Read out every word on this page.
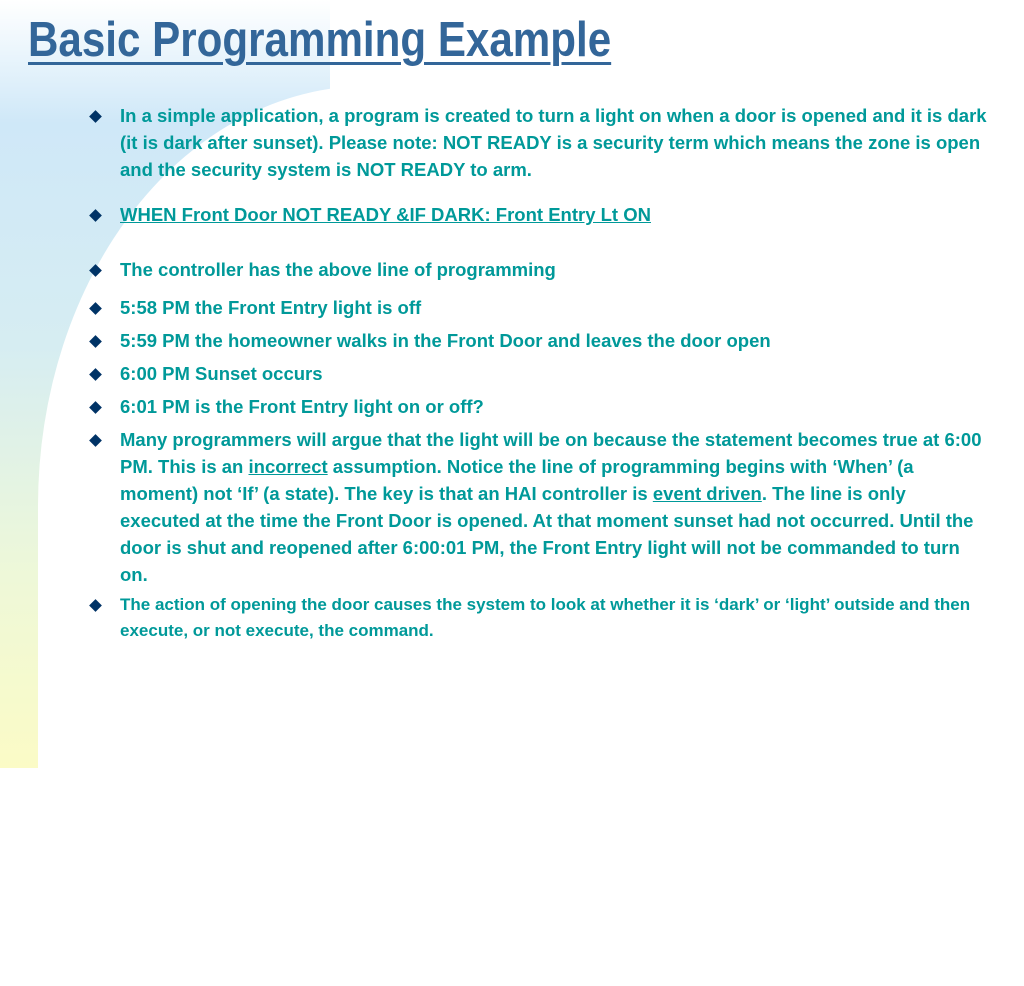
Basic Programming Example
In a simple application, a program is created to turn a light on when a door is opened and it is dark (it is dark after sunset). Please note: NOT READY is a security term which means the zone is open and the security system is NOT READY to arm.
WHEN Front Door NOT READY &IF DARK: Front Entry Lt ON
The controller has the above line of programming
5:58 PM the Front Entry light is off
5:59 PM the homeowner walks in the Front Door and leaves the door open
6:00 PM Sunset occurs
6:01 PM is the Front Entry light on or off?
Many programmers will argue that the light will be on because the statement becomes true at 6:00 PM. This is an incorrect assumption. Notice the line of programming begins with ‘When’ (a moment) not ‘If’ (a state). The key is that an HAI controller is event driven. The line is only executed at the time the Front Door is opened. At that moment sunset had not occurred. Until the door is shut and reopened after 6:00:01 PM, the Front Entry light will not be commanded to turn on.
The action of opening the door causes the system to look at whether it is ‘dark’ or ‘light’ outside and then execute, or not execute, the command.
